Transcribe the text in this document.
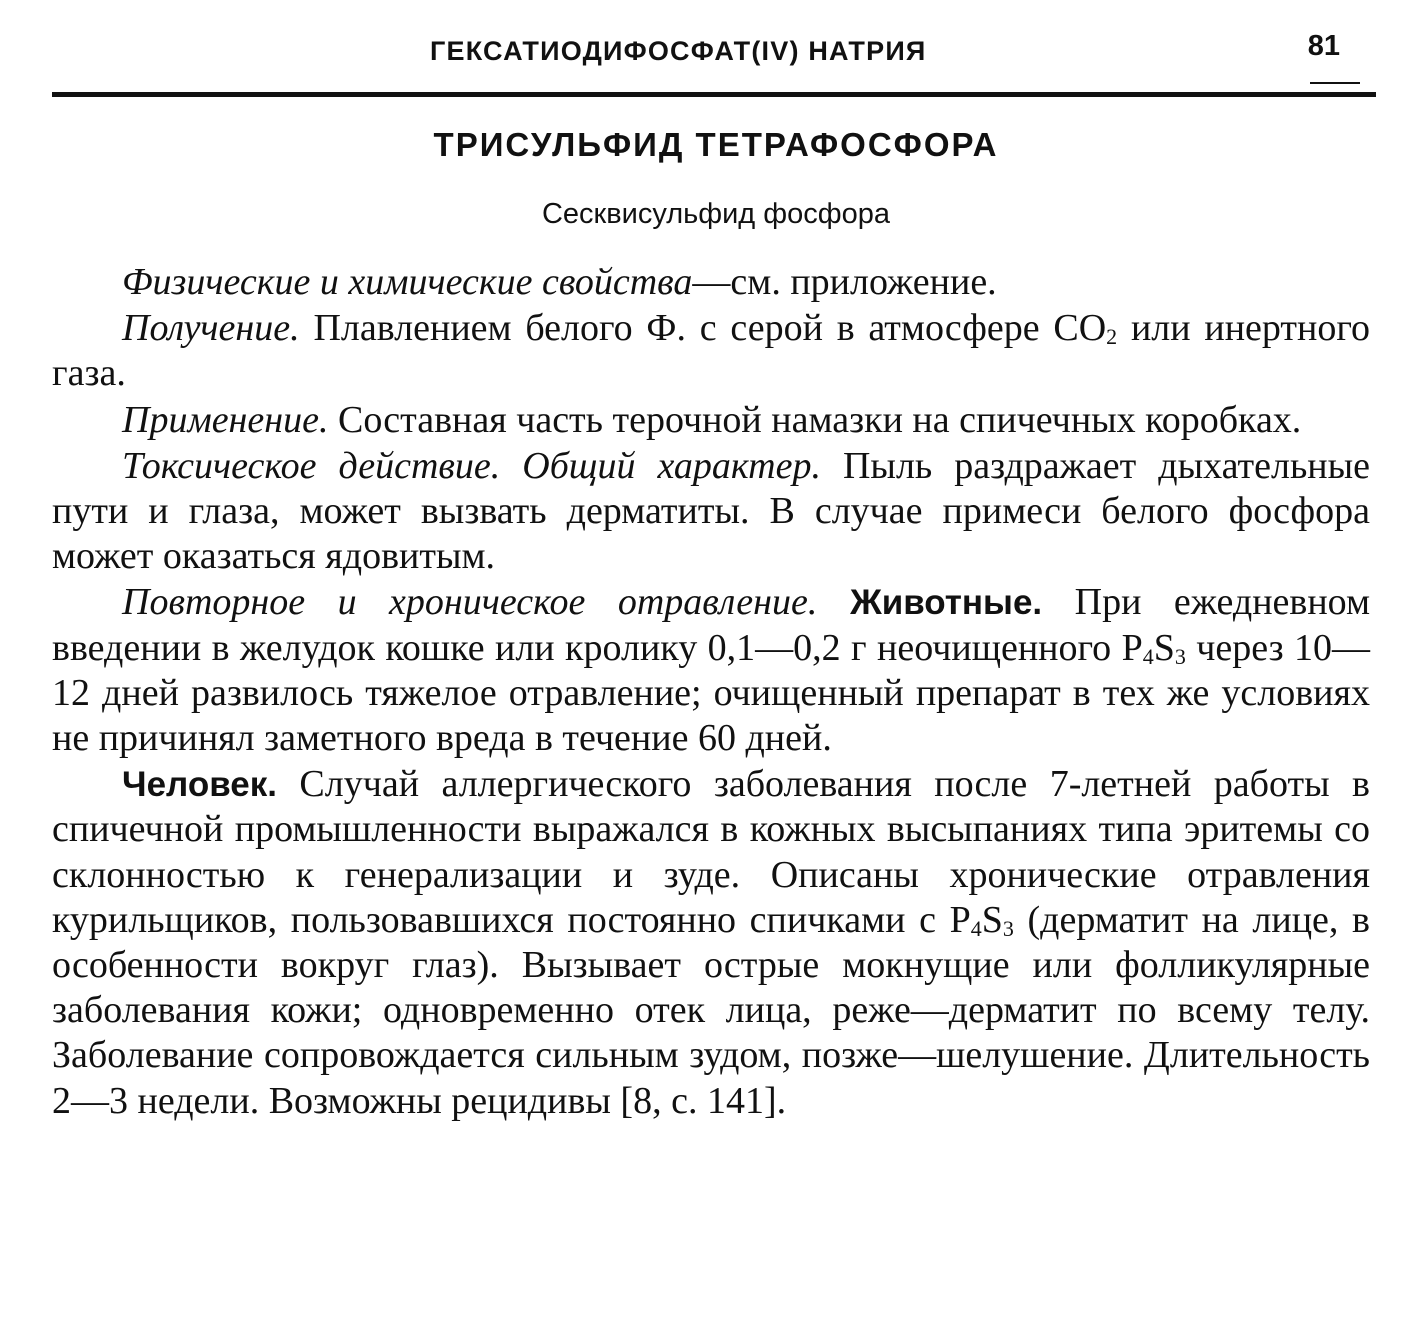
ГЕКСАТИОДИФОСФАТ(IV) НАТРИЯ	81
ТРИСУЛЬФИД ТЕТРАФОСФОРА
Сесквисульфид фосфора

Физические и химические свойства—см. приложение.

Получение. Плавлением белого Ф. с серой в атмосфере $CO_2$ или инертного газа.

Применение. Составная часть терочной намазки на спичечных коробках.

Токсическое действие. Общий характер. Пыль раздражает дыхательные пути и глаза, может вызвать дерматиты. В случае примеси белого фосфора может оказаться ядовитым.

Повторное и хроническое отравление. Животные. При ежедневном введении в желудок кошке или кролику 0,1—0,2 г неочищенного $P_4S_3$ через 10—12 дней развилось тяжелое отравление; очищенный препарат в тех же условиях не причинял заметного вреда в течение 60 дней.

Человек. Случай аллергического заболевания после 7-летней работы в спичечной промышленности выражался в кожных высыпаниях типа эритемы со склонностью к генерализации и зуде. Описаны хронические отравления курильщиков, пользовавшихся постоянно спичками с $P_4S_3$ (дерматит на лице, в особенности вокруг глаз). Вызывает острые мокнущие или фолликулярные заболевания кожи; одновременно отек лица, реже—дерматит по всему телу. Заболевание сопровождается сильным зудом, позже—шелушение. Длительность 2—3 недели. Возможны рецидивы [8, с. 141].
